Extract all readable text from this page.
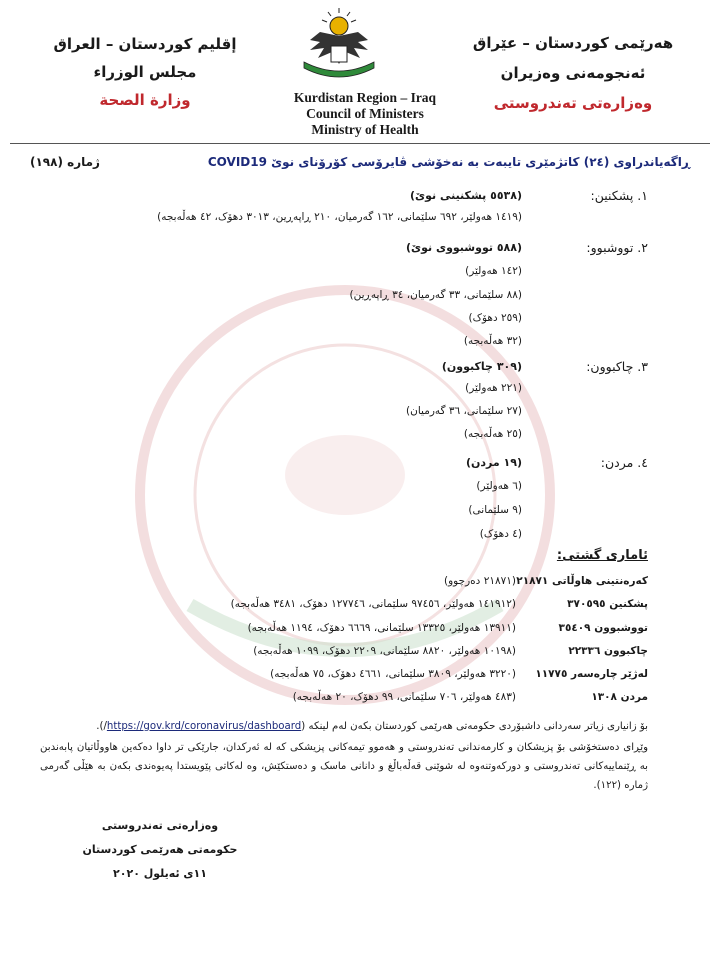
إقليم كوردستان – العراق
مجلس الوزراء
وزارة الصحة	Kurdistan Region – Iraq
Council of Ministers
Ministry of Health
هەرێمی کوردستان – عێراق
ئەنجومەنی وەزیران
وەزارەتی تەندروستی
ڕاگەیاندراوی (٢٤) کاتژمێری تایبەت بە نەخۆشی ڤایرۆسی کۆرۆنای نوێ COVID19
ژمارە (١٩٨)
١. پشکنین:
(٥٥٣٨ پشکنینی نوێ)
(١٤١٩ هەولێر، ٦٩٢ سلێمانی، ١٦٢ گەرمیان، ٢١٠ ڕاپەڕین، ٣٠١٣ دهۆک، ٤٢ هەڵەبجە)
٢. تووشبوو:
(٥٨٨ تووشبووی نوێ)
(١٤٢ هەولێر)
(٨٨ سلێمانی، ٣٣ گەرمیان، ٣٤ ڕاپەڕین)
(٢٥٩ دهۆک)
(٣٢ هەڵەبجە)
٣. چاکبوون:
(٣٠٩ چاکبوون)
(٢٢١ هەولێر)
(٢٧ سلێمانی، ٣٦ گەرمیان)
(٢٥ هەڵەبجە)
٤. مردن:
(١٩ مردن)
(٦ هەولێر)
(٩ سلێمانی)
(٤ دهۆک)
ئاماری گشتی:
کەرەنتینی هاوڵاتی ٢١٨٧١
(٢١٨٧١ دەرچوو)
پشکنین ٣٧٠٥٩٥
(١٤١٩١٢ هەولێر، ٩٧٤٥٦ سلێمانی، ١٢٧٧٤٦ دهۆک، ٣٤٨١ هەڵەبجە)
تووشبوون ٣٥٤٠٩
(١٣٩١١ هەولێر، ١٣٣٢٥ سلێمانی، ٦٦٦٩ دهۆک، ١١٩٤ هەڵەبجە)
چاکبوون ٢٢٣٣٦
(١٠١٩٨ هەولێر، ٨٨٢٠ سلێمانی، ٢٢٠٩ دهۆک، ١٠٩٩ هەڵەبجە)
لەژێر چارەسەر ١١٧٧٥
(٣٢٢٠ هەولێر، ٣٨٠٩ سلێمانی، ٤٦٦١ دهۆک، ٧٥ هەڵەبجە)
مردن ١٣٠٨
(٤٨٣ هەولێر، ٧٠٦ سلێمانی، ٩٩ دهۆک، ٢٠ هەڵەبجە)
بۆ زانیاری زیاتر سەردانی داشبۆردی حکومەتی هەرێمی کوردستان بکەن لەم لینکە (https://gov.krd/coronavirus/dashboard/).
وێڕای دەستخۆشی بۆ پزیشکان و کارمەندانی تەندروستی و هەموو تیمەکانی پزیشکی کە لە ئەرکدان، جارێکی تر داوا دەکەین هاووڵاتیان پابەندبن بە ڕێنماییەکانی تەندروستی و دورکەوتنەوە لە شوێنی قەڵەباڵغ و دانانی ماسک و دەستکێش، وە لەکاتی پێویستدا پەیوەندی بکەن بە هێڵی گەرمی ژمارە (١٢٢).
وەزارەتی تەندروستی
حکومەتی هەرێمی کوردستان
١١ی ئەیلول ٢٠٢٠
